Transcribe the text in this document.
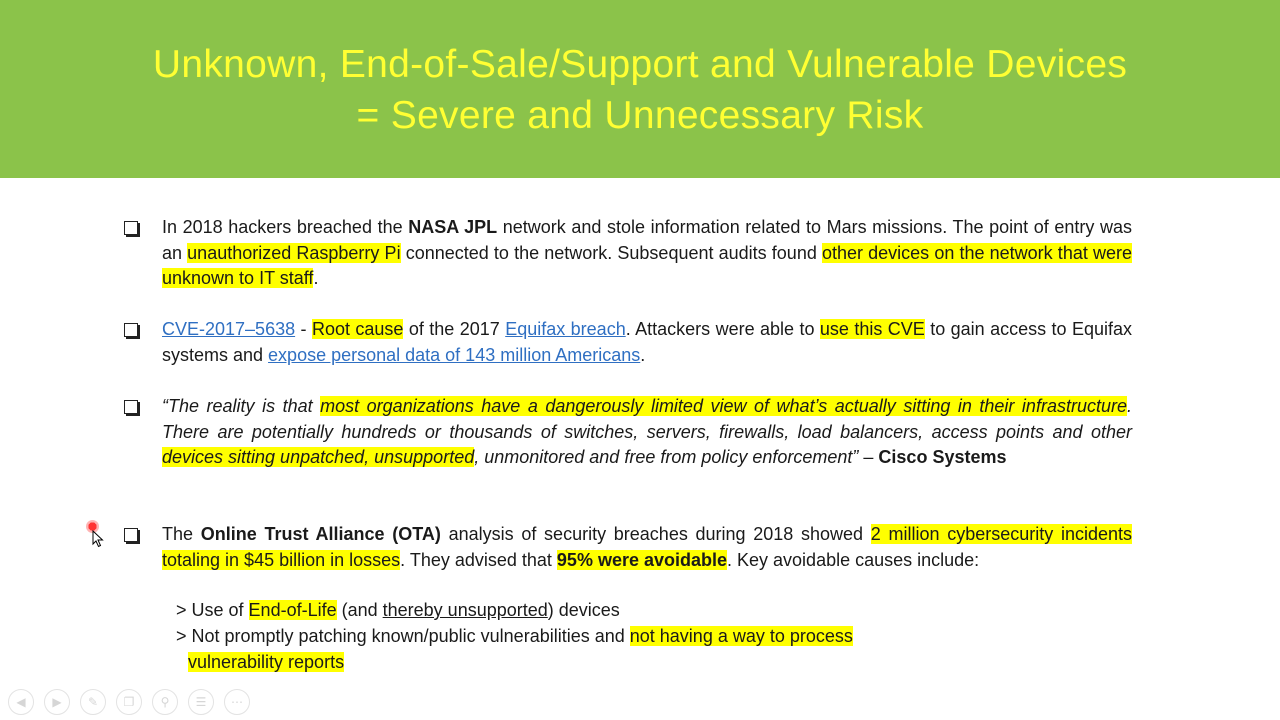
Unknown, End-of-Sale/Support and Vulnerable Devices
= Severe and Unnecessary Risk
In 2018 hackers breached the NASA JPL network and stole information related to Mars missions. The point of entry was an unauthorized Raspberry Pi connected to the network. Subsequent audits found other devices on the network that were unknown to IT staff.
CVE-2017–5638 - Root cause of the 2017 Equifax breach. Attackers were able to use this CVE to gain access to Equifax systems and expose personal data of 143 million Americans.
“The reality is that most organizations have a dangerously limited view of what’s actually sitting in their infrastructure. There are potentially hundreds or thousands of switches, servers, firewalls, load balancers, access points and other devices sitting unpatched, unsupported, unmonitored and free from policy enforcement” – Cisco Systems
The Online Trust Alliance (OTA) analysis of security breaches during 2018 showed 2 million cybersecurity incidents totaling in $45 billion in losses. They advised that 95% were avoidable. Key avoidable causes include:
> Use of End-of-Life (and thereby unsupported) devices
> Not promptly patching known/public vulnerabilities and not having a way to process
vulnerability reports
◀	▶	✎	❐	⚲	☰	⋯
